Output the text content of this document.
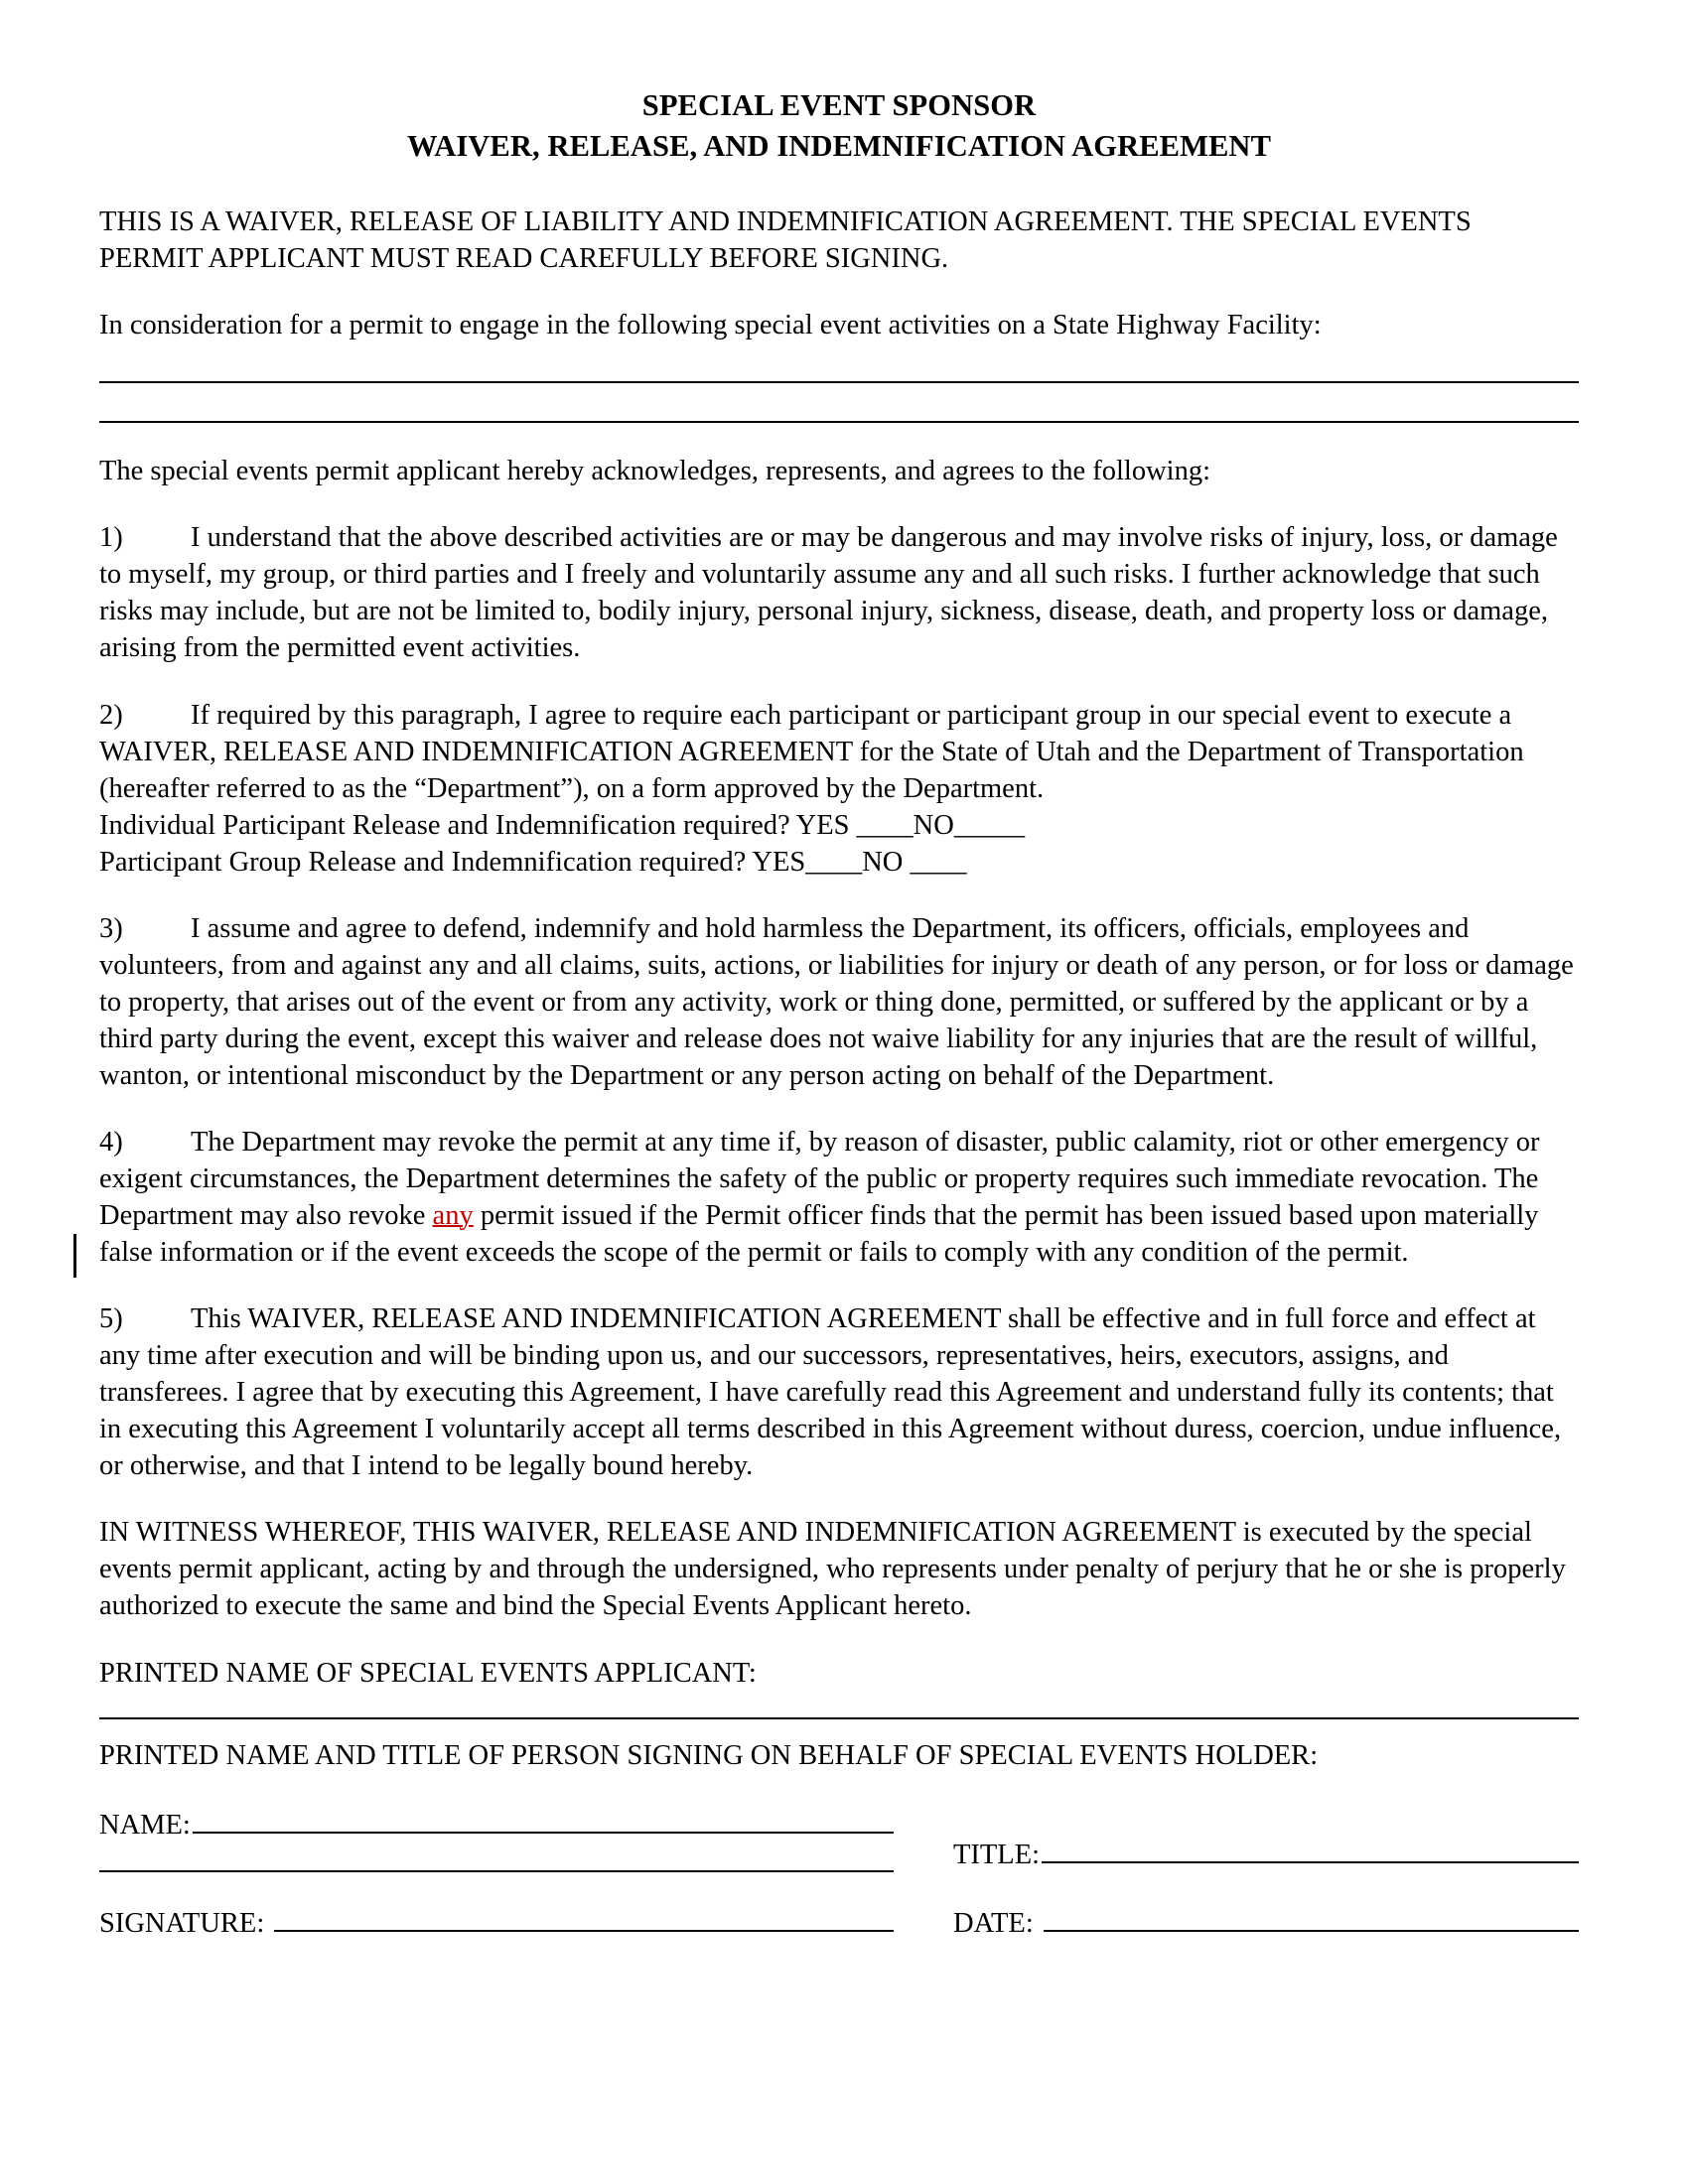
SPECIAL EVENT SPONSOR
WAIVER, RELEASE, AND INDEMNIFICATION AGREEMENT

THIS IS A WAIVER, RELEASE OF LIABILITY AND INDEMNIFICATION AGREEMENT. THE SPECIAL EVENTS PERMIT APPLICANT MUST READ CAREFULLY BEFORE SIGNING.

In consideration for a permit to engage in the following special event activities on a State Highway Facility:

The special events permit applicant hereby acknowledges, represents, and agrees to the following:

1) I understand that the above described activities are or may be dangerous and may involve risks of injury, loss, or damage to myself, my group, or third parties and I freely and voluntarily assume any and all such risks. I further acknowledge that such risks may include, but are not be limited to, bodily injury, personal injury, sickness, disease, death, and property loss or damage, arising from the permitted event activities.

2) If required by this paragraph, I agree to require each participant or participant group in our special event to execute a WAIVER, RELEASE AND INDEMNIFICATION AGREEMENT for the State of Utah and the Department of Transportation (hereafter referred to as the “Department”), on a form approved by the Department.

Individual Participant Release and Indemnification required? YES ____NO_____

Participant Group Release and Indemnification required? YES____NO ____

3) I assume and agree to defend, indemnify and hold harmless the Department, its officers, officials, employees and volunteers, from and against any and all claims, suits, actions, or liabilities for injury or death of any person, or for loss or damage to property, that arises out of the event or from any activity, work or thing done, permitted, or suffered by the applicant or by a third party during the event, except this waiver and release does not waive liability for any injuries that are the result of willful, wanton, or intentional misconduct by the Department or any person acting on behalf of the Department.

4) The Department may revoke the permit at any time if, by reason of disaster, public calamity, riot or other emergency or exigent circumstances, the Department determines the safety of the public or property requires such immediate revocation. The Department may also revoke any permit issued if the Permit officer finds that the permit has been issued based upon materially false information or if the event exceeds the scope of the permit or fails to comply with any condition of the permit.

5) This WAIVER, RELEASE AND INDEMNIFICATION AGREEMENT shall be effective and in full force and effect at any time after execution and will be binding upon us, and our successors, representatives, heirs, executors, assigns, and transferees. I agree that by executing this Agreement, I have carefully read this Agreement and understand fully its contents; that in executing this Agreement I voluntarily accept all terms described in this Agreement without duress, coercion, undue influence, or otherwise, and that I intend to be legally bound hereby.

IN WITNESS WHEREOF, THIS WAIVER, RELEASE AND INDEMNIFICATION AGREEMENT is executed by the special events permit applicant, acting by and through the undersigned, who represents under penalty of perjury that he or she is properly authorized to execute the same and bind the Special Events Applicant hereto.

PRINTED NAME OF SPECIAL EVENTS APPLICANT:

PRINTED NAME AND TITLE OF PERSON SIGNING ON BEHALF OF SPECIAL EVENTS HOLDER:

NAME:
TITLE:
SIGNATURE:	DATE:
